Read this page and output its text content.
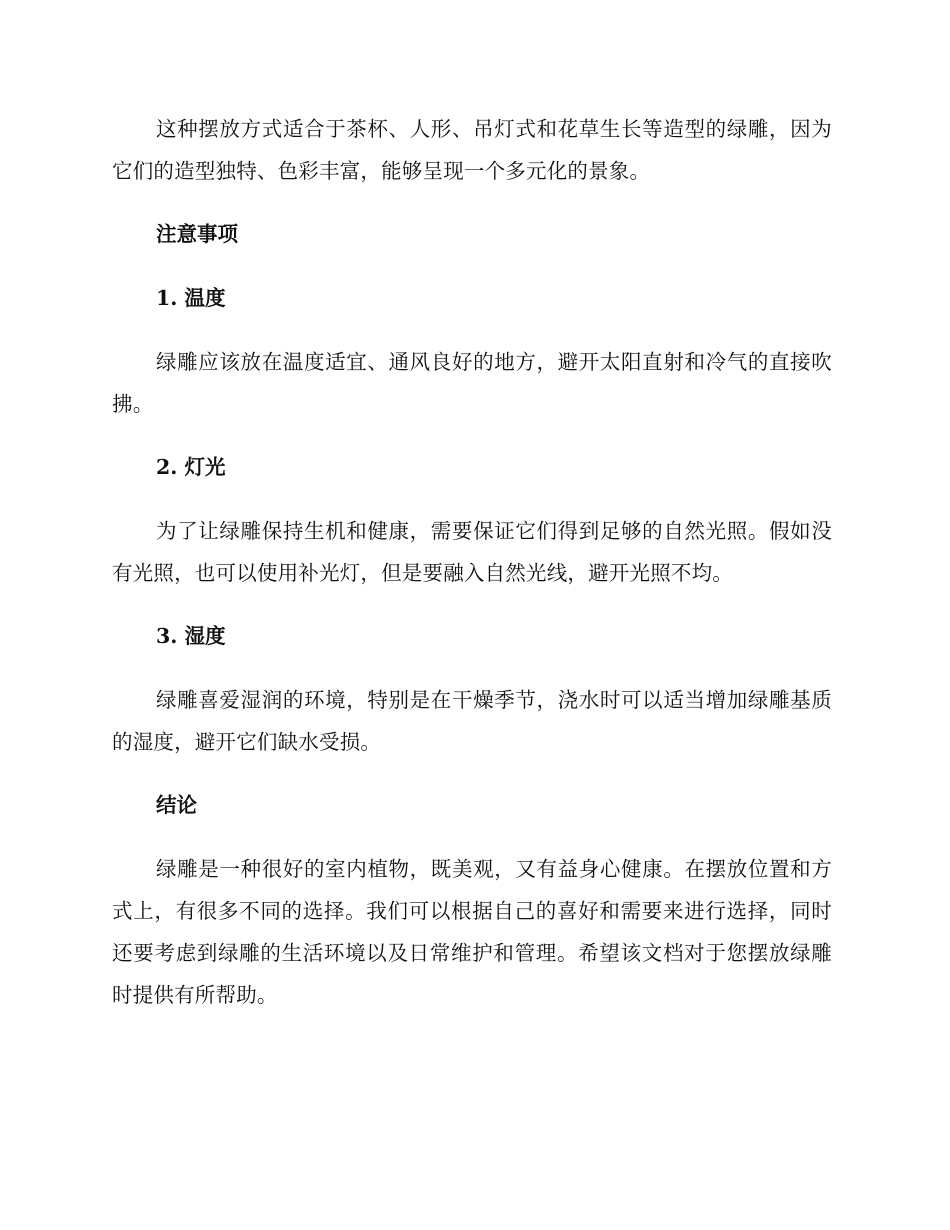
这种摆放方式适合于茶杯、人形、吊灯式和花草生长等造型的绿雕，因为它们的造型独特、色彩丰富，能够呈现一个多元化的景象。

注意事项

1. 温度

绿雕应该放在温度适宜、通风良好的地方，避开太阳直射和冷气的直接吹拂。

2. 灯光

为了让绿雕保持生机和健康，需要保证它们得到足够的自然光照。假如没有光照，也可以使用补光灯，但是要融入自然光线，避开光照不均。

3. 湿度

绿雕喜爱湿润的环境，特别是在干燥季节，浇水时可以适当增加绿雕基质的湿度，避开它们缺水受损。

结论

绿雕是一种很好的室内植物，既美观，又有益身心健康。在摆放位置和方式上，有很多不同的选择。我们可以根据自己的喜好和需要来进行选择，同时还要考虑到绿雕的生活环境以及日常维护和管理。希望该文档对于您摆放绿雕时提供有所帮助。
